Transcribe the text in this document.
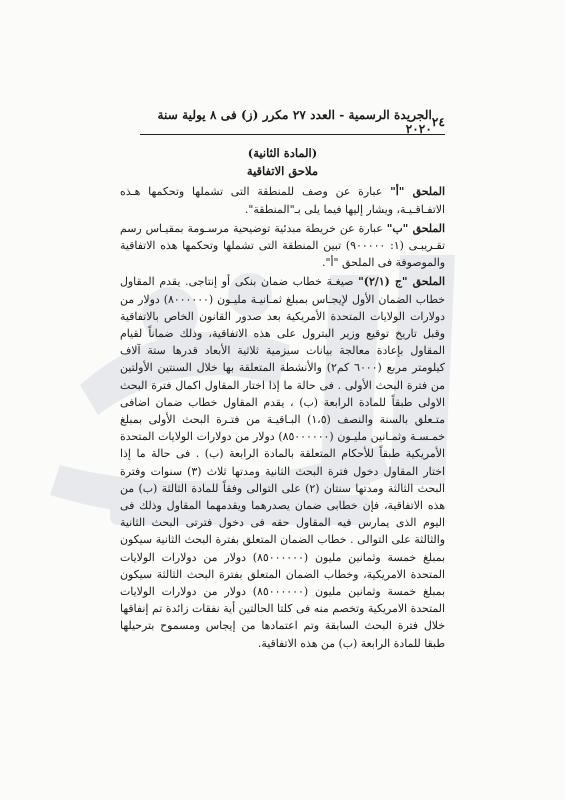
٢٤
الجريدة الرسمية - العدد ٢٧ مكرر (ز) فى ٨ يولية سنة ٢٠٢٠
(المادة الثانية)
ملاحق الاتفاقية

الملحق "أ" عبارة عن وصف للمنطقة التى تشملها وتحكمها هـذه الاتفـاقـيـة، ويشار إليها فيما يلى بـ"المنطقة".

الملحق "ب" عبارة عن خريطة مبدئية توضيحية مرسـومة بمقيـاس رسم تقـريبـى (١: ٩٠٠٠٠٠) تبين المنطقة التى تشملها وتحكمها هذه الاتفاقية والموصوفة فى الملحق "أ".

الملحق "ج (٢/١)" صيغـة خطاب ضمان بنكى أو إنتاجى. يقدم المقاول خطاب الضمان الأول لإيجـاس بمبلغ ثمـانيـة مليـون (٨٠٠٠٠٠٠) دولار من دولارات الولايات المتحدة الأمريكية بعد صدور القانون الخاص بالاتفاقية وقبل تاريخ توقيع وزير البترول على هذه الاتفاقية، وذلك ضماناً لقيام المقاول بإعادة معالجة بيانات سيزمية ثلاثية الأبعاد قدرها ستة آلاف كيلومتر مربع (٦٠٠٠ كم٢) والأنشطة المتعلقة بها خلال السنتين الأولتين من فترة البحث الأولى . فى حالة ما إذا اختار المقاول اكمال فترة البحث الاولى طبقاً للمادة الرابعة (ب) ، يقدم المقاول خطاب ضمان اضافى متـعلق بالسنة والنصف (١،٥) البـاقيـة من فتـرة البحث الأولى بمبلغ خمـسـة وثمـانين مليـون (٨٥٠٠٠٠٠٠) دولار من دولارات الولايات المتحدة الأمريكية طبقاً للأحكام المتعلقة بالمادة الرابعة (ب) . فى حالة ما إذا اختار المقاول دخول فترة البحث الثانية ومدتها ثلاث (٣) سنوات وفترة البحث الثالثة ومدتها سنتان (٢) على التوالى وفقاً للمادة الثالثة (ب) من هذه الاتفاقية، فإن خطابى ضمان يصدرهما ويقدمهما المقاول وذلك فى اليوم الذى يمارس فيه المقاول حقه فى دخول فترتى البحث الثانية والثالثة على التوالى . خطاب الضمان المتعلق بفترة البحث الثانية سيكون بمبلغ خمسة وثمانين مليون (٨٥٠٠٠٠٠٠) دولار من دولارات الولايات المتحدة الامريكية، وخطاب الضمان المتعلق بفترة البحث الثالثة سيكون بمبلغ خمسة وثمانين مليون (٨٥٠٠٠٠٠٠) دولار من دولارات الولايات المتحدة الامريكية وتخصم منه فى كلتا الحالتين أية نفقات زائدة تم إنفاقها خلال فترة البحث السابقة وتم اعتمادها من إيجاس ومسموح بترحيلها طبقا للمادة الرابعة (ب) من هذه الاتفاقية.
